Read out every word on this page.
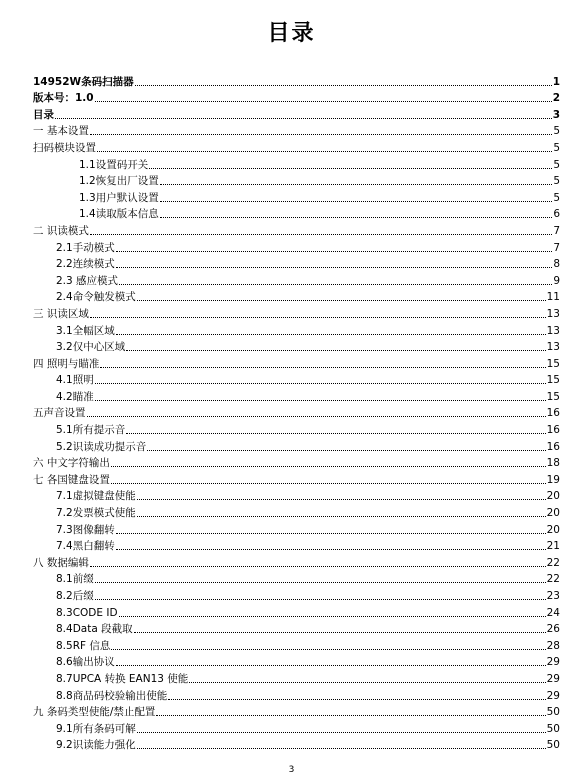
目录
14952W条码扫描器	1
版本号：1.0	2
目录	3
一 基本设置	5
扫码模块设置	5
1.1设置码开关	5
1.2恢复出厂设置	5
1.3用户默认设置	5
1.4读取版本信息	6
二 识读模式	7
2.1手动模式	7
2.2连续模式	8
2.3 感应模式	9
2.4命令触发模式	11
三 识读区域	13
3.1全幅区域	13
3.2仅中心区域	13
四 照明与瞄准	15
4.1照明	15
4.2瞄准	15
五声音设置	16
5.1所有提示音	16
5.2识读成功提示音	16
六 中文字符输出	18
七 各国键盘设置	19
7.1虚拟键盘使能	20
7.2发票模式使能	20
7.3图像翻转	20
7.4黑白翻转	21
八 数据编辑	22
8.1前缀	22
8.2后缀	23
8.3CODE ID	24
8.4Data 段截取	26
8.5RF 信息	28
8.6输出协议	29
8.7UPCA 转换 EAN13 使能	29
8.8商品码校验输出使能	29
九 条码类型使能/禁止配置	50
9.1所有条码可解	50
9.2识读能力强化	50
3
